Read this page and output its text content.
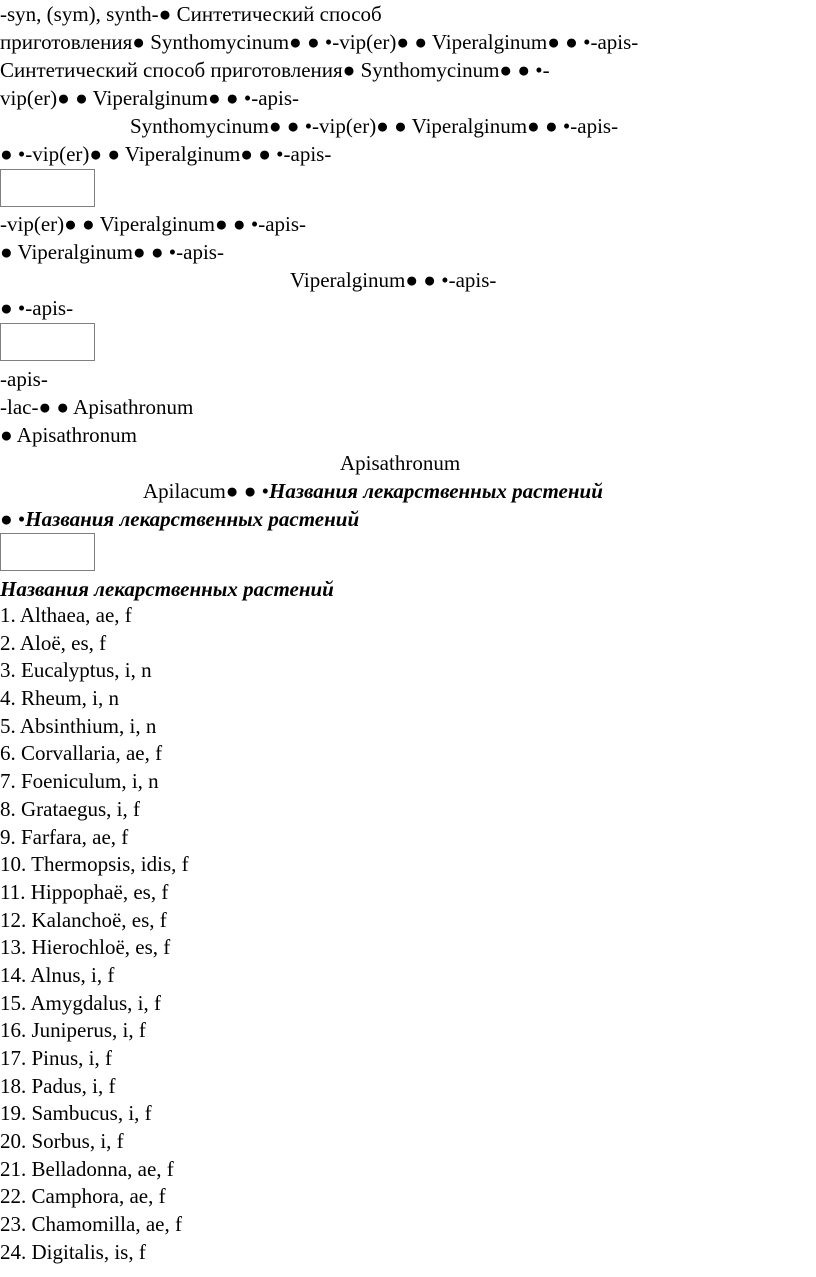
-syn, (sym), synth-● Синтетический способ
приготовления● Synthomycinum● ● •-vip(er)● ● Viperalginum● ● •-apis-
Синтетический способ приготовления● Synthomycinum● ● •-
vip(er)● ● Viperalginum● ● •-apis-
Synthomycinum● ● •-vip(er)● ● Viperalginum● ● •-apis-
● •-vip(er)● ● Viperalginum● ● •-apis-
-vip(er)● ● Viperalginum● ● •-apis-
● Viperalginum● ● •-apis-
Viperalginum● ● •-apis-
● •-apis-
-apis-
-lac-● ● Apisathronum
● Apisathronum
Apisathronum
Apilacum● ● •Названия лекарственных растений
● •Названия лекарственных растений
Названия лекарственных растений
1. Althaea, ae, f
2. Aloё, es, f
3. Eucalyptus, i, n
4. Rheum, i, n
5. Absinthium, i, n
6. Corvallaria, ae, f
7. Foeniculum, i, n
8. Grataegus, i, f
9. Farfara, ae, f
10. Thermopsis, idis, f
11. Hippophaё, es, f
12. Kalanchoё, es, f
13. Hierochloё, es, f
14. Alnus, i, f
15. Amygdalus, i, f
16. Juniperus, i, f
17. Pinus, i, f
18. Padus, i, f
19. Sambucus, i, f
20. Sorbus, i, f
21. Belladonna, ae, f
22. Camphora, ae, f
23. Chamomilla, ae, f
24. Digitalis, is, f
